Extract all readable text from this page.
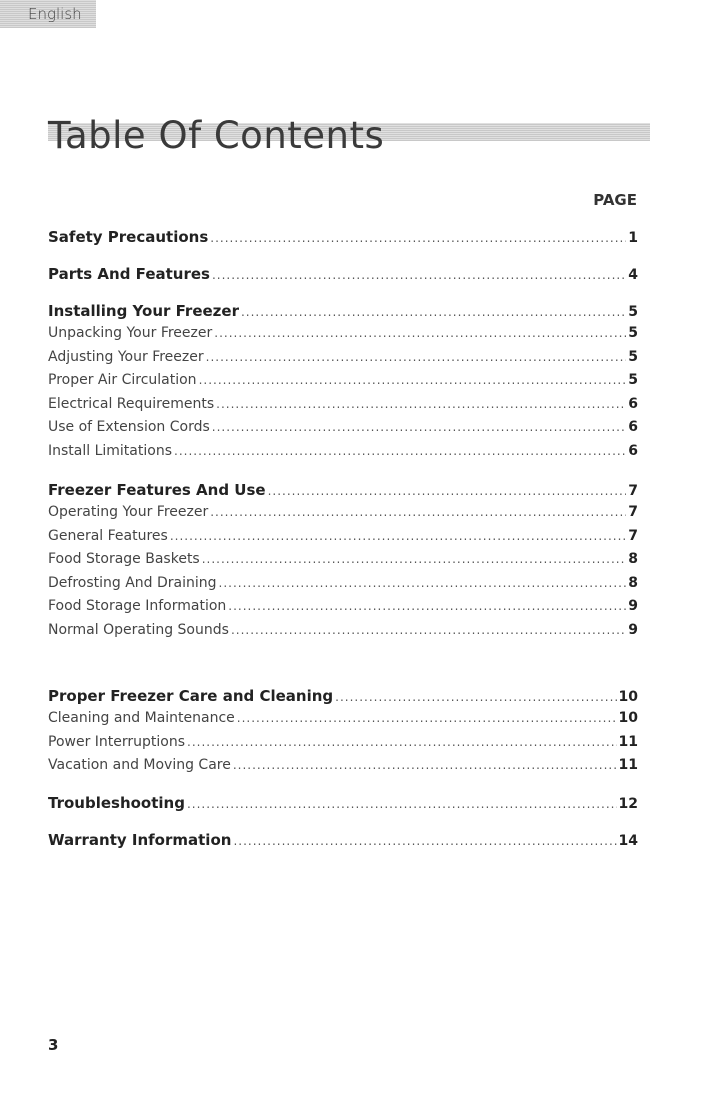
English
Table Of Contents
PAGE
Safety Precautions .....	1
Parts And Features .....	4
Installing Your Freezer .....	5
Unpacking Your Freezer .....	5
Adjusting Your Freezer .....	5
Proper Air Circulation .....	5
Electrical Requirements .....	6
Use of Extension Cords .....	6
Install Limitations .....	6
Freezer Features And Use .....	7
Operating Your Freezer .....	7
General Features .....	7
Food Storage Baskets .....	8
Defrosting And Draining .....	8
Food Storage Information .....	9
Normal Operating Sounds .....	9
Proper Freezer Care and Cleaning .....	10
Cleaning and Maintenance .....	10
Power Interruptions .....	11
Vacation and Moving Care .....	11
Troubleshooting .....	12
Warranty Information .....	14
3
